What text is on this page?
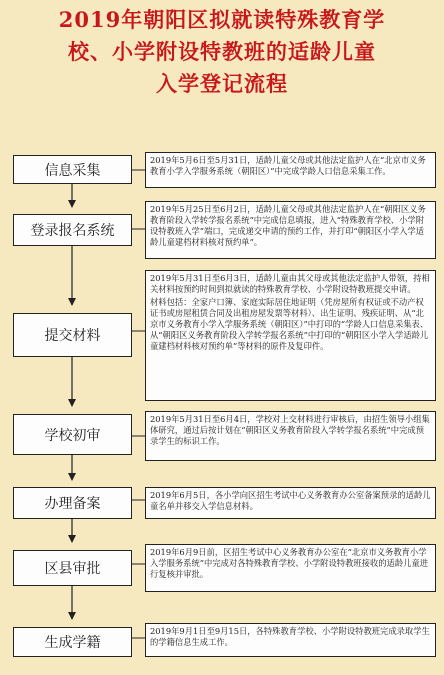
2019年朝阳区拟就读特殊教育学
校、小学附设特教班的适龄儿童
入学登记流程
信息采集

2019年5月6日至5月31日，适龄儿童父母或其他法定监护人在“北京市义务教育小学入学服务系统（朝阳区）”中完成学龄人口信息采集工作。

登录报名系统

2019年5月25日至6月2日，适龄儿童父母或其他法定监护人在“朝阳区义务教育阶段入学转学报名系统”中完成信息填报，进入“特殊教育学校、小学附设特教班入学”端口，完成递交申请的预约工作，并打印“朝阳区小学入学适龄儿童建档材料核对预约单”。

提交材料

2019年5月31日至6月3日，适龄儿童由其父母或其他法定监护人带领，持相关材料按预约时间到拟就读的特殊教育学校、小学附设特教班提交申请。

材料包括：全家户口簿、家庭实际居住地证明（凭房屋所有权证或不动产权证书或房屋租赁合同及出租房屋发票等材料）、出生证明、残疾证明、从“北京市义务教育小学入学服务系统（朝阳区）”中打印的“学龄人口信息采集表、从“朝阳区义务教育阶段入学转学报名系统”中打印的“朝阳区小学入学适龄儿童建档材料核对预约单”等材料的原件及复印件。

学校初审

2019年5月31日至6月4日，学校对上交材料进行审核后，由招生领导小组集体研究，通过后按计划在“朝阳区义务教育阶段入学转学报名系统”中完成预录学生的标识工作。

办理备案

2019年6月5日，各小学向区招生考试中心义务教育办公室备案预录的适龄儿童名单并移交入学信息材料。

区县审批

2019年6月9日前，区招生考试中心义务教育办公室在“北京市义务教育小学入学服务系统”中完成对各特殊教育学校、小学附设特教班接收的适龄儿童进行复核并审批。

生成学籍

2019年9月1日至9月15日，各特殊教育学校、小学附设特教班完成录取学生的学籍信息生成工作。
